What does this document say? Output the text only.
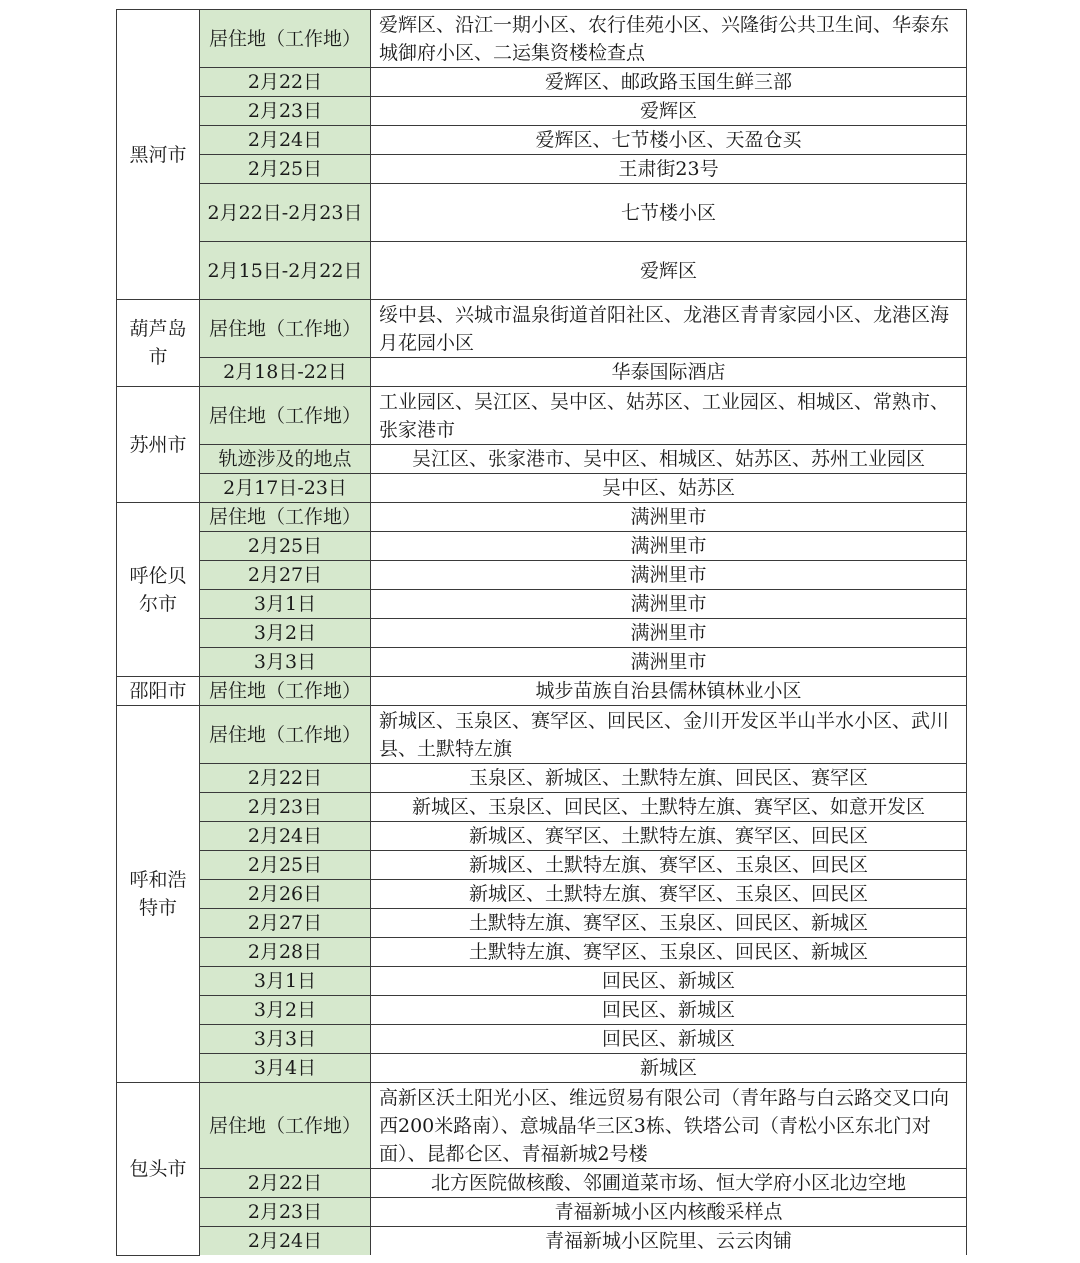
黑河市	居住地（工作地）	爱辉区、沿江一期小区、农行佳苑小区、兴隆街公共卫生间、华泰东城御府小区、二运集资楼检查点
	2月22日	爱辉区、邮政路玉国生鲜三部
	2月23日	爱辉区
	2月24日	爱辉区、七节楼小区、天盈仓买
	2月25日	王肃街23号
	2月22日-2月23日	七节楼小区
	2月15日-2月22日	爱辉区
葫芦岛市	居住地（工作地）	绥中县、兴城市温泉街道首阳社区、龙港区青青家园小区、龙港区海月花园小区
	2月18日-22日	华泰国际酒店
苏州市	居住地（工作地）	工业园区、吴江区、吴中区、姑苏区、工业园区、相城区、常熟市、张家港市
	轨迹涉及的地点	吴江区、张家港市、吴中区、相城区、姑苏区、苏州工业园区
	2月17日-23日	吴中区、姑苏区
呼伦贝尔市	居住地（工作地）	满洲里市
	2月25日	满洲里市
	2月27日	满洲里市
	3月1日	满洲里市
	3月2日	满洲里市
	3月3日	满洲里市
邵阳市	居住地（工作地）	城步苗族自治县儒林镇林业小区
呼和浩特市	居住地（工作地）	新城区、玉泉区、赛罕区、回民区、金川开发区半山半水小区、武川县、土默特左旗
	2月22日	玉泉区、新城区、土默特左旗、回民区、赛罕区
	2月23日	新城区、玉泉区、回民区、土默特左旗、赛罕区、如意开发区
	2月24日	新城区、赛罕区、土默特左旗、赛罕区、回民区
	2月25日	新城区、土默特左旗、赛罕区、玉泉区、回民区
	2月26日	新城区、土默特左旗、赛罕区、玉泉区、回民区
	2月27日	土默特左旗、赛罕区、玉泉区、回民区、新城区
	2月28日	土默特左旗、赛罕区、玉泉区、回民区、新城区
	3月1日	回民区、新城区
	3月2日	回民区、新城区
	3月3日	回民区、新城区
	3月4日	新城区
包头市	居住地（工作地）	高新区沃土阳光小区、维远贸易有限公司（青年路与白云路交叉口向西200米路南）、意城晶华三区3栋、铁塔公司（青松小区东北门对面）、昆都仑区、青福新城2号楼
	2月22日	北方医院做核酸、邻圃道菜市场、恒大学府小区北边空地
	2月23日	青福新城小区内核酸采样点
	2月24日	青福新城小区院里、云云肉铺
